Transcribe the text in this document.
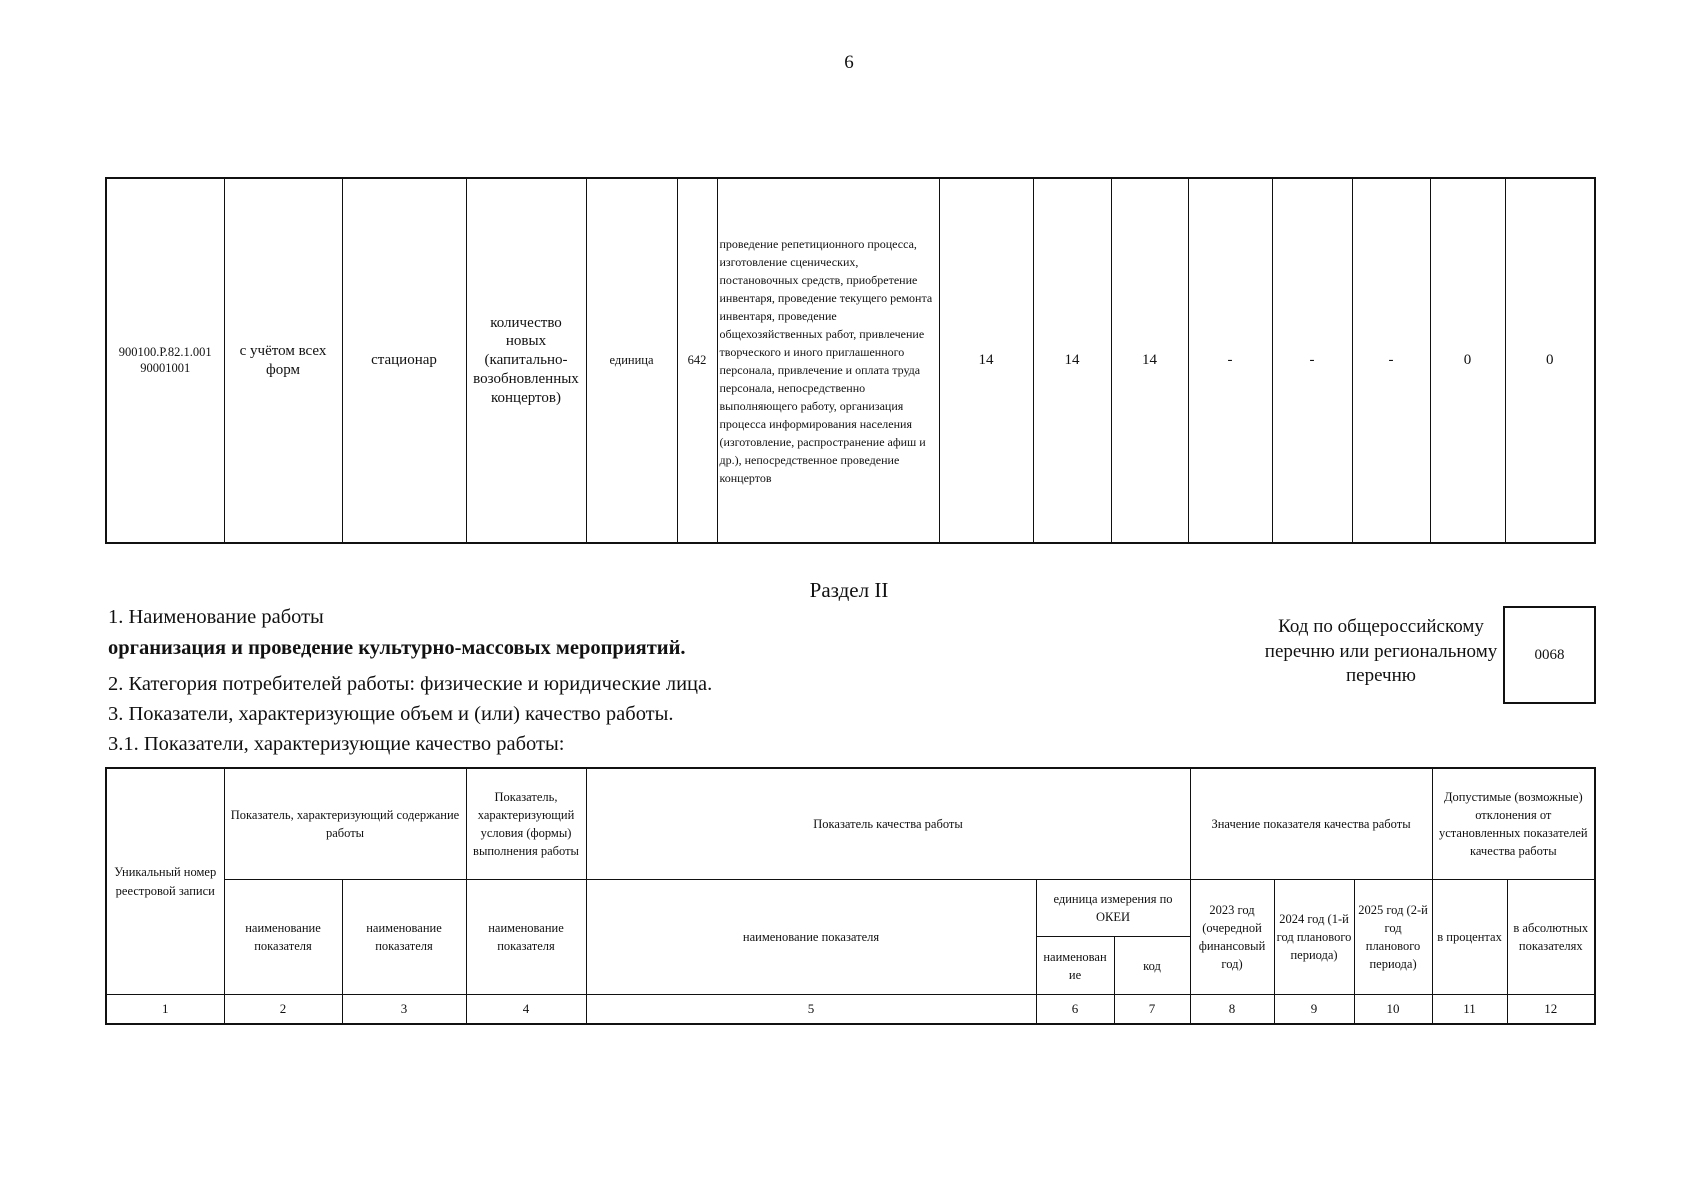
6
900100.Р.82.1.001 90001001	с учётом всех форм	стационар	количество новых (капитально-возобновленных концертов)	единица	642	проведение репетиционного процесса, изготовление сценических, постановочных средств, приобретение инвентаря, проведение текущего ремонта инвентаря, проведение общехозяйственных работ, привлечение творческого и иного приглашенного персонала, привлечение и оплата труда персонала, непосредственно выполняющего работу, организация процесса информирования населения (изготовление, распространение афиш и др.), непосредственное проведение концертов	14	14	14	-	-	-	0	0
Раздел II
1. Наименование работы
организация и проведение культурно-массовых мероприятий.
2. Категория потребителей работы: физические и юридические лица.
3. Показатели, характеризующие объем и (или) качество работы.
3.1. Показатели, характеризующие качество работы:
Код по общероссийскому перечню или региональному перечню
0068
Уникальный номер реестровой записи	Показатель, характеризующий содержание работы		Показатель, характеризующий условия (формы) выполнения работы	Показатель качества работы			Значение показателя качества работы			Допустимые (возможные) отклонения от установленных показателей качества работы	
	наименование показателя	наименование показателя	наименование показателя	наименование показателя	единица измерения по ОКЕИ		2023 год (очередной финансовый год)	2024 год (1-й год планового периода)	2025 год (2-й год планового периода)	в процентах	в абсолютных показателях
					наименован ие	код					
1	2	3	4	5	6	7	8	9	10	11	12
